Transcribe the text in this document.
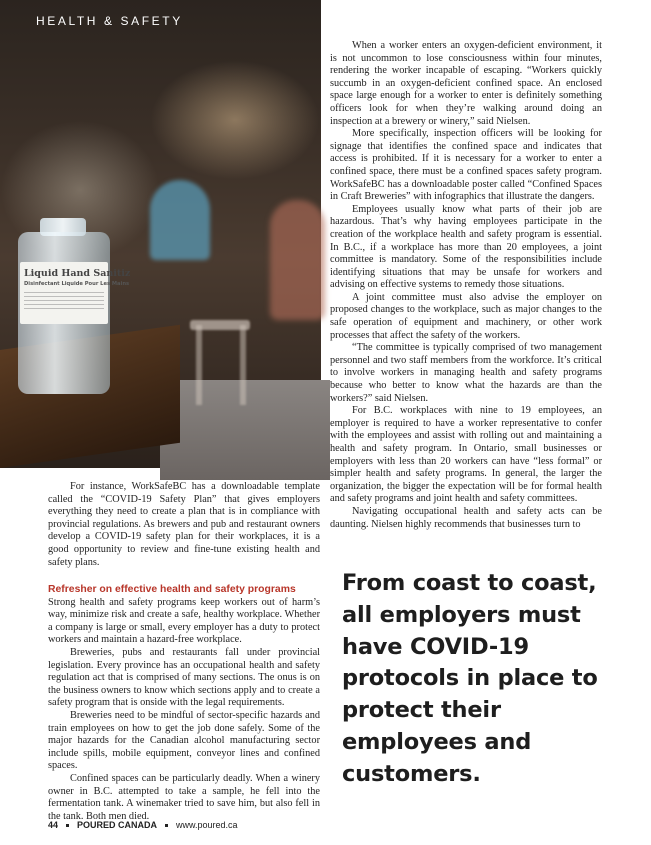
Liquid Hand Sanitiz
Disinfectant Liquide Pour Les Mains
HEALTH & SAFETY

When a worker enters an oxygen-deficient environment, it is not uncommon to lose consciousness within four minutes, rendering the worker incapable of escaping. “Workers quickly succumb in an oxygen-deficient confined space. An enclosed space large enough for a worker to enter is definitely something officers look for when they’re walking around doing an inspection at a brewery or winery,” said Nielsen.

More specifically, inspection officers will be looking for signage that identifies the confined space and indicates that access is prohibited. If it is necessary for a worker to enter a confined space, there must be a confined spaces safety program. WorkSafeBC has a downloadable poster called “Confined Spaces in Craft Breweries” with infographics that illustrate the dangers.

Employees usually know what parts of their job are hazardous. That’s why having employees participate in the creation of the workplace health and safety program is essential. In B.C., if a workplace has more than 20 employees, a joint committee is mandatory. Some of the responsibilities include identifying situations that may be unsafe for workers and advising on effective systems to remedy those situations.

A joint committee must also advise the employer on proposed changes to the workplace, such as major changes to the safe operation of equipment and machinery, or other work processes that affect the safety of the workers.

“The committee is typically comprised of two management personnel and two staff members from the workforce. It’s critical to involve workers in managing health and safety programs because who better to know what the hazards are than the workers?” said Nielsen.

For B.C. workplaces with nine to 19 employees, an employer is required to have a worker representative to confer with the employees and assist with rolling out and maintaining a health and safety program. In Ontario, small businesses or employers with less than 20 workers can have “less formal” or simpler health and safety programs. In general, the larger the organization, the bigger the expectation will be for formal health and safety programs and joint health and safety committees.

Navigating occupational health and safety acts can be daunting. Nielsen highly recommends that businesses turn to

For instance, WorkSafeBC has a downloadable template called the “COVID-19 Safety Plan” that gives employers everything they need to create a plan that is in compliance with provincial regulations. As brewers and pub and restaurant owners develop a COVID-19 safety plan for their workplaces, it is a good opportunity to review and fine-tune existing health and safety plans.

Refresher on effective health and safety programs

Strong health and safety programs keep workers out of harm’s way, minimize risk and create a safe, healthy workplace. Whether a company is large or small, every employer has a duty to protect workers and maintain a hazard-free workplace.

Breweries, pubs and restaurants fall under provincial legislation. Every province has an occupational health and safety regulation act that is comprised of many sections. The onus is on the business owners to know which sections apply and to create a safety program that is onside with the legal requirements.

Breweries need to be mindful of sector-specific hazards and train employees on how to get the job done safely. Some of the major hazards for the Canadian alcohol manufacturing sector include spills, mobile equipment, conveyor lines and confined spaces.

Confined spaces can be particularly deadly. When a winery owner in B.C. attempted to take a sample, he fell into the fermentation tank. A winemaker tried to save him, but also fell in the tank. Both men died.

From coast to coast, all employers must have COVID-19 protocols in place to protect their employees and customers.
44 POURED CANADA www.poured.ca
